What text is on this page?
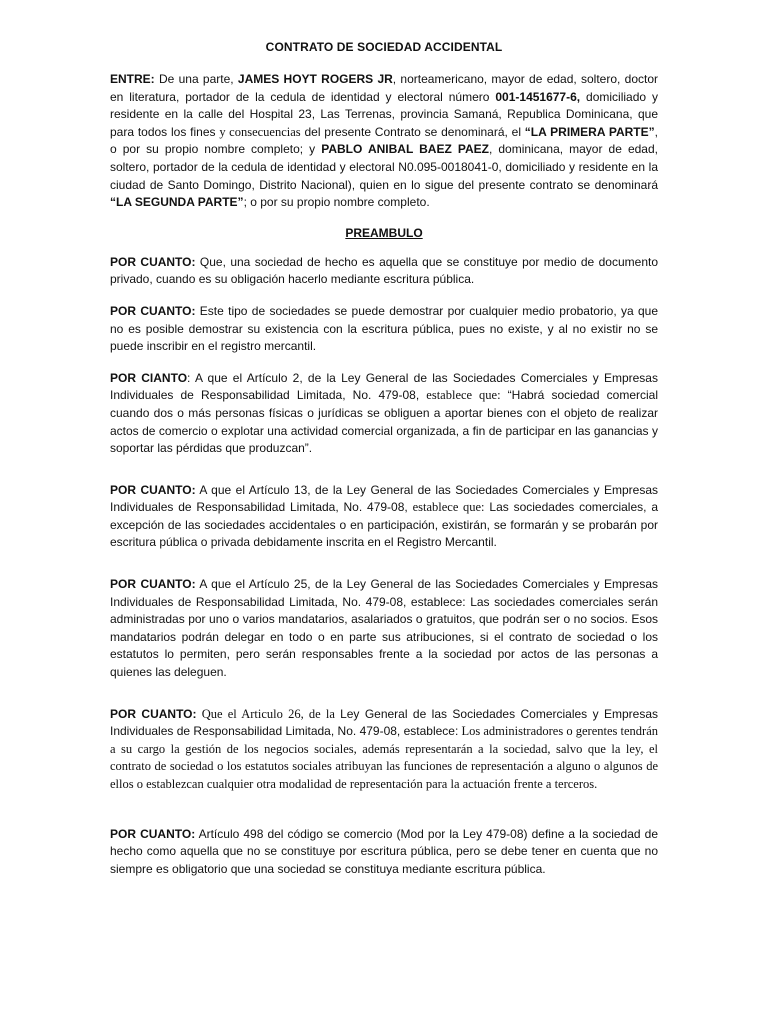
CONTRATO DE SOCIEDAD ACCIDENTAL

ENTRE: De una parte, JAMES HOYT ROGERS JR, norteamericano, mayor de edad, soltero, doctor en literatura, portador de la cedula de identidad y electoral número 001-1451677-6, domiciliado y residente en la calle del Hospital 23, Las Terrenas, provincia Samaná, Republica Dominicana, que para todos los fines y consecuencias del presente Contrato se denominará, el “LA PRIMERA PARTE”, o por su propio nombre completo; y PABLO ANIBAL BAEZ PAEZ, dominicana, mayor de edad, soltero, portador de la cedula de identidad y electoral N0.095-0018041-0, domiciliado y residente en la ciudad de Santo Domingo, Distrito Nacional), quien en lo sigue del presente contrato se denominará “LA SEGUNDA PARTE”; o por su propio nombre completo.

PREAMBULO

POR CUANTO: Que, una sociedad de hecho es aquella que se constituye por medio de documento privado, cuando es su obligación hacerlo mediante escritura pública.

POR CUANTO: Este tipo de sociedades se puede demostrar por cualquier medio probatorio, ya que no es posible demostrar su existencia con la escritura pública, pues no existe, y al no existir no se puede inscribir en el registro mercantil.

POR CIANTO: A que el Artículo 2, de la Ley General de las Sociedades Comerciales y Empresas Individuales de Responsabilidad Limitada, No. 479-08, establece que: “Habrá sociedad comercial cuando dos o más personas físicas o jurídicas se obliguen a aportar bienes con el objeto de realizar actos de comercio o explotar una actividad comercial organizada, a fin de participar en las ganancias y soportar las pérdidas que produzcan”.

POR CUANTO: A que el Artículo 13, de la Ley General de las Sociedades Comerciales y Empresas Individuales de Responsabilidad Limitada, No. 479-08, establece que: Las sociedades comerciales, a excepción de las sociedades accidentales o en participación, existirán, se formarán y se probarán por escritura pública o privada debidamente inscrita en el Registro Mercantil.

POR CUANTO: A que el Artículo 25, de la Ley General de las Sociedades Comerciales y Empresas Individuales de Responsabilidad Limitada, No. 479-08, establece: Las sociedades comerciales serán administradas por uno o varios mandatarios, asalariados o gratuitos, que podrán ser o no socios. Esos mandatarios podrán delegar en todo o en parte sus atribuciones, si el contrato de sociedad o los estatutos lo permiten, pero serán responsables frente a la sociedad por actos de las personas a quienes las deleguen.

POR CUANTO: Que el Articulo 26, de la Ley General de las Sociedades Comerciales y Empresas Individuales de Responsabilidad Limitada, No. 479-08, establece: Los administradores o gerentes tendrán a su cargo la gestión de los negocios sociales, además representarán a la sociedad, salvo que la ley, el contrato de sociedad o los estatutos sociales atribuyan las funciones de representación a alguno o algunos de ellos o establezcan cualquier otra modalidad de representación para la actuación frente a terceros.

POR CUANTO: Artículo 498 del código se comercio (Mod por la Ley 479-08) define a la sociedad de hecho como aquella que no se constituye por escritura pública, pero se debe tener en cuenta que no siempre es obligatorio que una sociedad se constituya mediante escritura pública.
